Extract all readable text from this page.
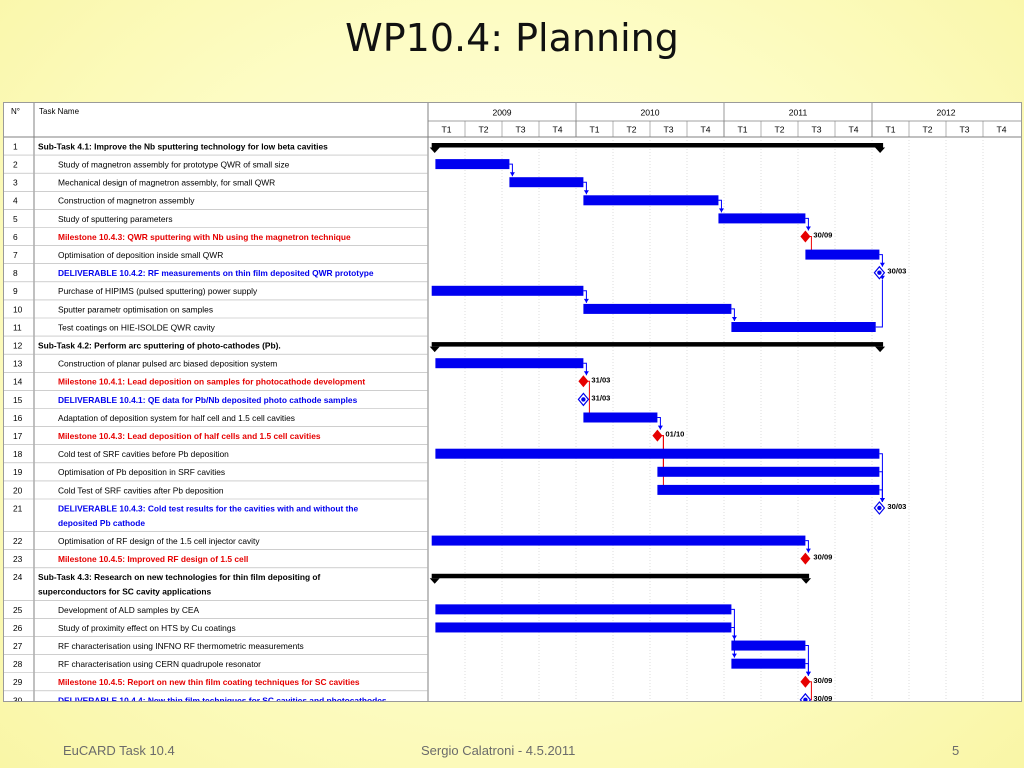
WP10.4: Planning
N° Task Name	2009	2010	2011	2012
T1	T2	T3	T4	T1	T2	T3	T4	T1	T2	T3	T4	T1	T2	T3	T4
1 Sub-Task 4.1: Improve the Nb sputtering technology for low beta cavities
2	Study of magnetron assembly for prototype QWR of small size
3	Mechanical design of magnetron assembly, for small QWR
4	Construction of magnetron assembly
5	Study of sputtering parameters
6	Milestone 10.4.3: QWR sputtering with Nb using the magnetron technique
7	Optimisation of deposition inside small QWR
8	DELIVERABLE 10.4.2: RF measurements on thin film deposited QWR prototype
9	Purchase of HIPIMS (pulsed sputtering) power supply
10	Sputter parametr optimisation on samples
11	Test coatings on HIE-ISOLDE QWR cavity
12 Sub-Task 4.2: Perform arc sputtering of photo-cathodes (Pb).
13	Construction of planar pulsed arc biased deposition system
14	Milestone 10.4.1: Lead deposition on samples for photocathode development
15	DELIVERABLE 10.4.1: QE data for Pb/Nb deposited photo cathode samples
16	Adaptation of deposition system for half cell and 1.5 cell cavities
17	Milestone 10.4.3: Lead deposition of half cells and 1.5 cell cavities
18	Cold test of SRF cavities before Pb deposition
19	Optimisation of Pb deposition in SRF cavities
20	Cold Test of SRF cavities after Pb deposition
21	DELIVERABLE 10.4.3: Cold test results for the cavities with and without the
deposited Pb cathode
22	Optimisation of RF design of the 1.5 cell injector cavity
23	Milestone 10.4.5: Improved RF design of 1.5 cell
24 Sub-Task 4.3: Research on new technologies for thin film depositing of
superconductors for SC cavity applications
25	Development of ALD samples by CEA
26	Study of proximity effect on HTS by Cu coatings
27	RF characterisation using INFNO RF thermometric measurements
28	RF characterisation using CERN quadrupole resonator
29	Milestone 10.4.5: Report on new thin film coating techniques for SC cavities
30	DELIVERABLE 10.4.4: New thin film techniques for SC cavities and photocathodes
30/09
30/03
31/03
31/03
01/10
30/03
30/09
30/09
30/09
EuCARD Task 10.4	Sergio Calatroni - 4.5.2011	5
